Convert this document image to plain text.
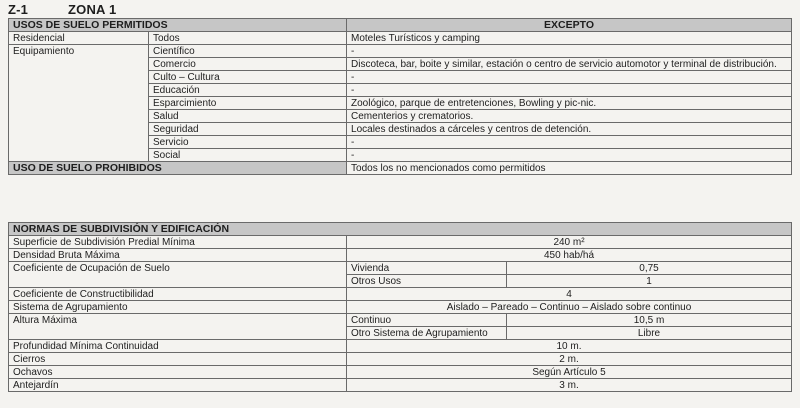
Z-1	ZONA 1
USOS DE SUELO PERMITIDOS		EXCEPTO
Residencial	Todos	Moteles Turísticos y camping
Equipamiento	Científico	-
	Comercio	Discoteca, bar, boite y similar, estación o centro de servicio automotor y terminal de distribución.
	Culto – Cultura	-
	Educación	-
	Esparcimiento	Zoológico, parque de entretenciones, Bowling y pic-nic.
	Salud	Cementerios y crematorios.
	Seguridad	Locales destinados a cárceles y centros de detención.
	Servicio	-
	Social	-
USO DE SUELO PROHIBIDOS		Todos los no mencionados como permitidos
NORMAS DE SUBDIVISIÓN Y EDIFICACIÓN		
Superficie de Subdivisión Predial Mínima	240 m²	
Densidad Bruta Máxima	450 hab/há	
Coeficiente de Ocupación de Suelo	Vivienda	0,75
	Otros Usos	1
Coeficiente de Constructibilidad	4	
Sistema de Agrupamiento	Aislado – Pareado – Continuo – Aislado sobre continuo	
Altura Máxima	Continuo	10,5 m
	Otro Sistema de Agrupamiento	Libre
Profundidad Mínima Continuidad	10 m.	
Cierros	2 m.	
Ochavos	Según Artículo 5	
Antejardín	3 m.	
